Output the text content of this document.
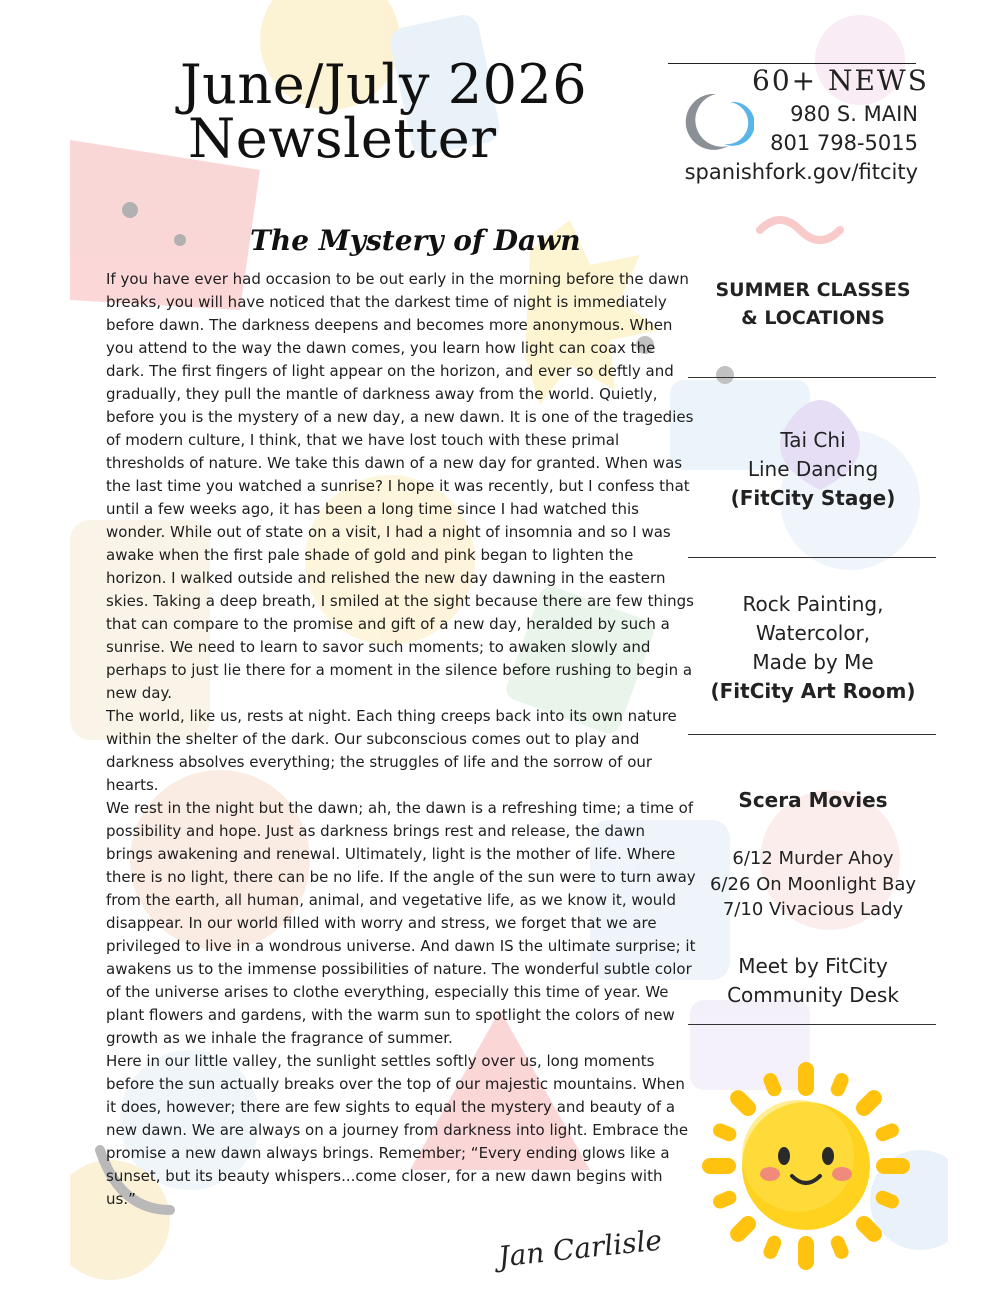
June/July 2026
Newsletter
60+ NEWS
980 S. MAIN
801 798-5015
spanishfork.gov/fitcity
The Mystery of Dawn

If you have ever had occasion to be out early in the morning before the dawn breaks, you will have noticed that the darkest time of night is immediately before dawn. The darkness deepens and becomes more anonymous. When you attend to the way the dawn comes, you learn how light can coax the dark. The first fingers of light appear on the horizon, and ever so deftly and gradually, they pull the mantle of darkness away from the world. Quietly, before you is the mystery of a new day, a new dawn. It is one of the tragedies of modern culture, I think, that we have lost touch with these primal thresholds of nature. We take this dawn of a new day for granted. When was the last time you watched a sunrise? I hope it was recently, but I confess that until a few weeks ago, it has been a long time since I had watched this wonder. While out of state on a visit, I had a night of insomnia and so I was awake when the first pale shade of gold and pink began to lighten the horizon. I walked outside and relished the new day dawning in the eastern skies. Taking a deep breath, I smiled at the sight because there are few things that can compare to the promise and gift of a new day, heralded by such a sunrise. We need to learn to savor such moments; to awaken slowly and perhaps to just lie there for a moment in the silence before rushing to begin a new day.

The world, like us, rests at night. Each thing creeps back into its own nature within the shelter of the dark. Our subconscious comes out to play and darkness absolves everything; the struggles of life and the sorrow of our hearts.

We rest in the night but the dawn; ah, the dawn is a refreshing time; a time of possibility and hope. Just as darkness brings rest and release, the dawn brings awakening and renewal. Ultimately, light is the mother of life. Where there is no light, there can be no life. If the angle of the sun were to turn away from the earth, all human, animal, and vegetative life, as we know it, would disappear. In our world filled with worry and stress, we forget that we are privileged to live in a wondrous universe. And dawn IS the ultimate surprise; it awakens us to the immense possibilities of nature. The wonderful subtle color of the universe arises to clothe everything, especially this time of year. We plant flowers and gardens, with the warm sun to spotlight the colors of new growth as we inhale the fragrance of summer.

Here in our little valley, the sunlight settles softly over us, long moments before the sun actually breaks over the top of our majestic mountains. When it does, however; there are few sights to equal the mystery and beauty of a new dawn. We are always on a journey from darkness into light. Embrace the promise a new dawn always brings. Remember; “Every ending glows like a sunset, but its beauty whispers...come closer, for a new dawn begins with us.”

Jan Carlisle
SUMMER CLASSES
& LOCATIONS
Tai Chi
Line Dancing
(FitCity Stage)
Rock Painting,
Watercolor,
Made by Me
(FitCity Art Room)
Scera Movies
6/12 Murder Ahoy
6/26 On Moonlight Bay
7/10 Vivacious Lady
Meet by FitCity
Community Desk
